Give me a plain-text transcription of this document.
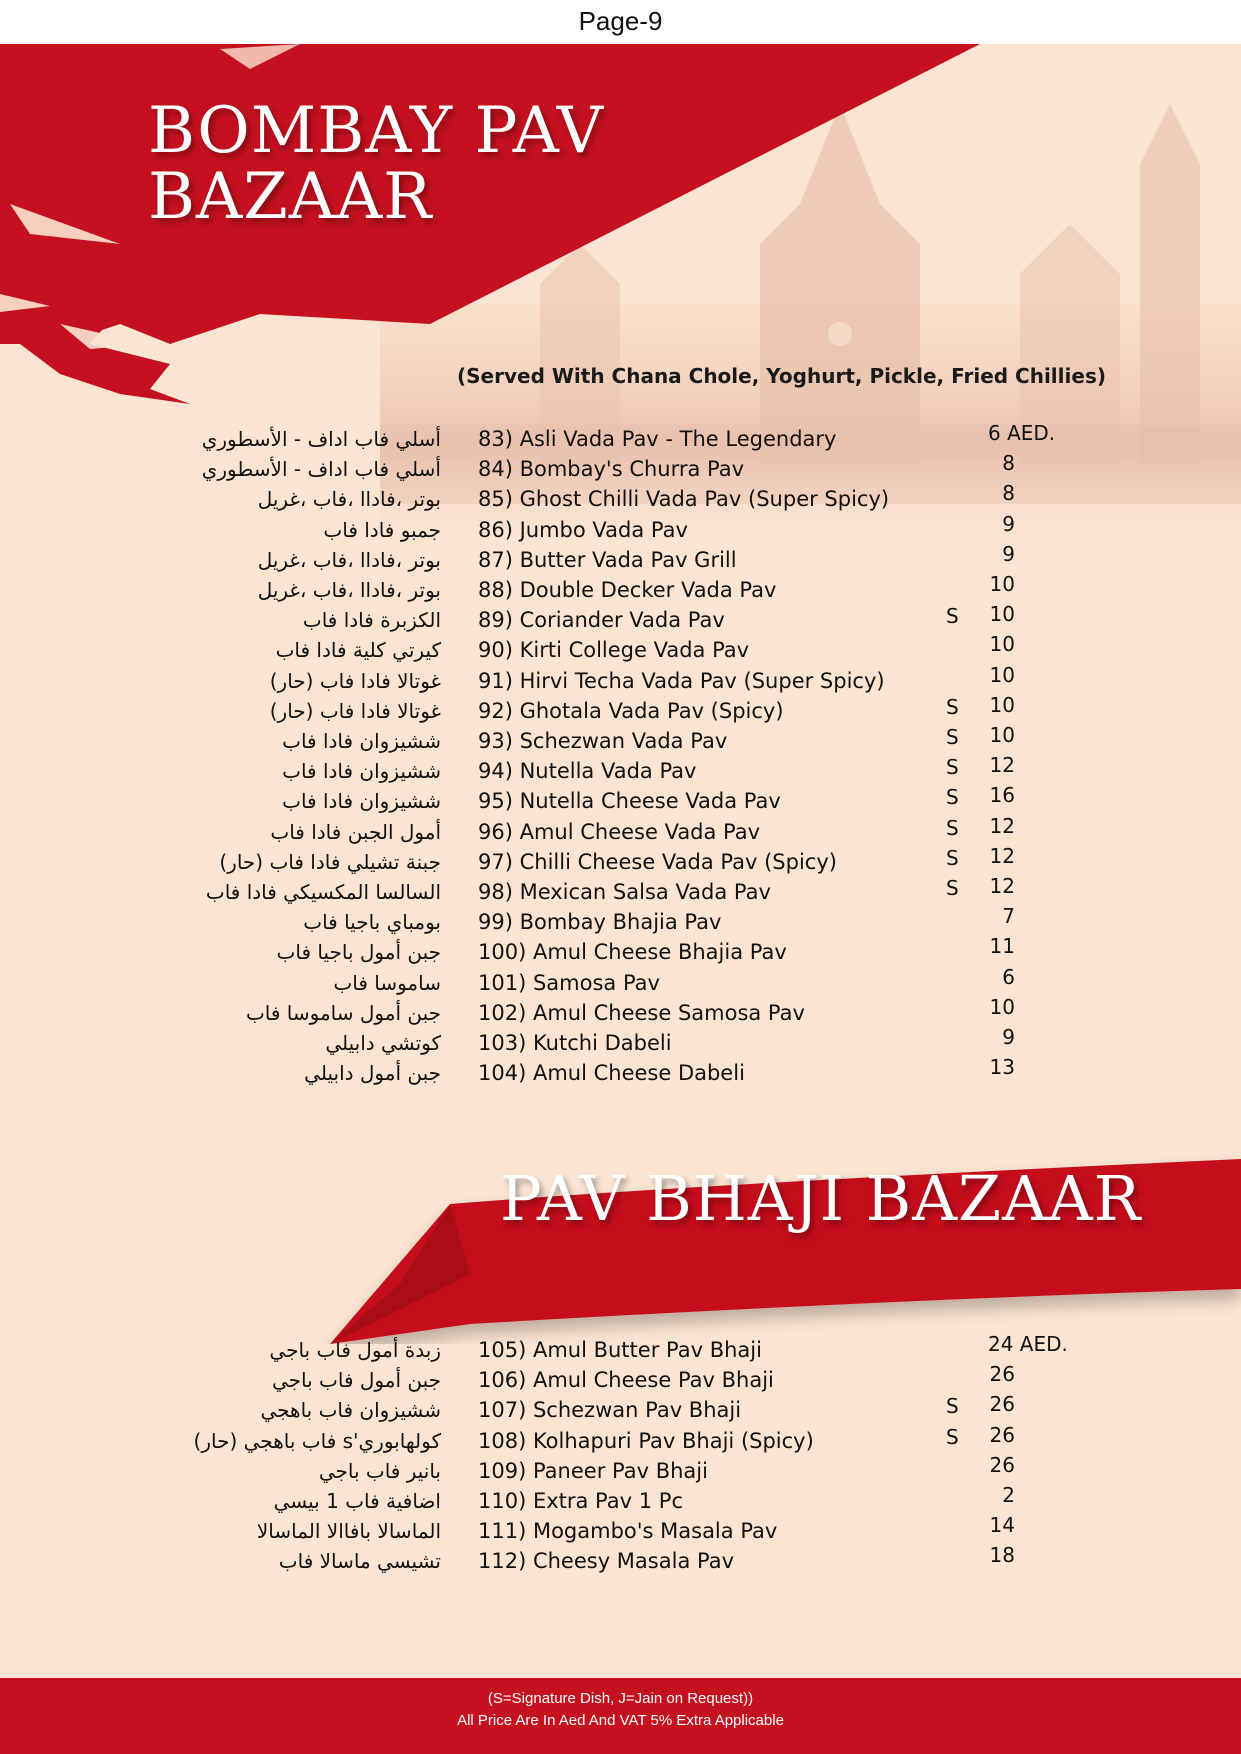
Page-9
BOMBAY PAV
BAZAAR
(Served With Chana Chole, Yoghurt, Pickle, Fried Chillies)
أسلي فاب اداف - الأسطوري 83) Asli Vada Pav - The Legendary	6 AED.
أسلي فاب اداف - الأسطوري 84) Bombay's Churra Pav	8
بوتر ،فاداا ،فاب ،غريل 85) Ghost Chilli Vada Pav (Super Spicy)	8
جمبو فادا فاب 86) Jumbo Vada Pav	9
بوتر ،فاداا ،فاب ،غريل 87) Butter Vada Pav Grill	9
بوتر ،فاداا ،فاب ،غريل 88) Double Decker Vada Pav	10
الكزبرة فادا فاب 89) Coriander Vada Pav	S 10
كيرتي كلية فادا فاب 90) Kirti College Vada Pav	10
غوتالا فادا فاب (حار) 91) Hirvi Techa Vada Pav (Super Spicy)	10
غوتالا فادا فاب (حار) 92) Ghotala Vada Pav (Spicy)	S 10
ششيزوان فادا فاب 93) Schezwan Vada Pav	S 10
ششيزوان فادا فاب 94) Nutella Vada Pav	S 12
ششيزوان فادا فاب 95) Nutella Cheese Vada Pav	S 16
أمول الجبن فادا فاب 96) Amul Cheese Vada Pav	S 12
جبنة تشيلي فادا فاب (حار) 97) Chilli Cheese Vada Pav (Spicy)	S 12
السالسا المكسيكي فادا فاب 98) Mexican Salsa Vada Pav	S 12
بومباي باجيا فاب 99) Bombay Bhajia Pav	7
جبن أمول باجيا فاب 100) Amul Cheese Bhajia Pav	11
ساموسا فاب 101) Samosa Pav	6
جبن أمول ساموسا فاب 102) Amul Cheese Samosa Pav	10
كوتشي دابيلي 103) Kutchi Dabeli	9
جبن أمول دابيلي 104) Amul Cheese Dabeli	13
PAV BHAJI BAZAAR
زبدة أمول فاب باجي 105) Amul Butter Pav Bhaji	24 AED.
جبن أمول فاب باجي 106) Amul Cheese Pav Bhaji	26
ششيزوان فاب باهجي 107) Schezwan Pav Bhaji	S 26
كولهابوري's فاب باهجي (حار) 108) Kolhapuri Pav Bhaji (Spicy)	S 26
بانير فاب باجي 109) Paneer Pav Bhaji	26
اضافية فاب 1 بيسي 110) Extra Pav 1 Pc	2
الماسالا بافاالا الماسالا 111) Mogambo's Masala Pav	14
تشيسي ماسالا فاب 112) Cheesy Masala Pav	18
(S=Signature Dish, J=Jain on Request))
All Price Are In Aed And VAT 5% Extra Applicable
